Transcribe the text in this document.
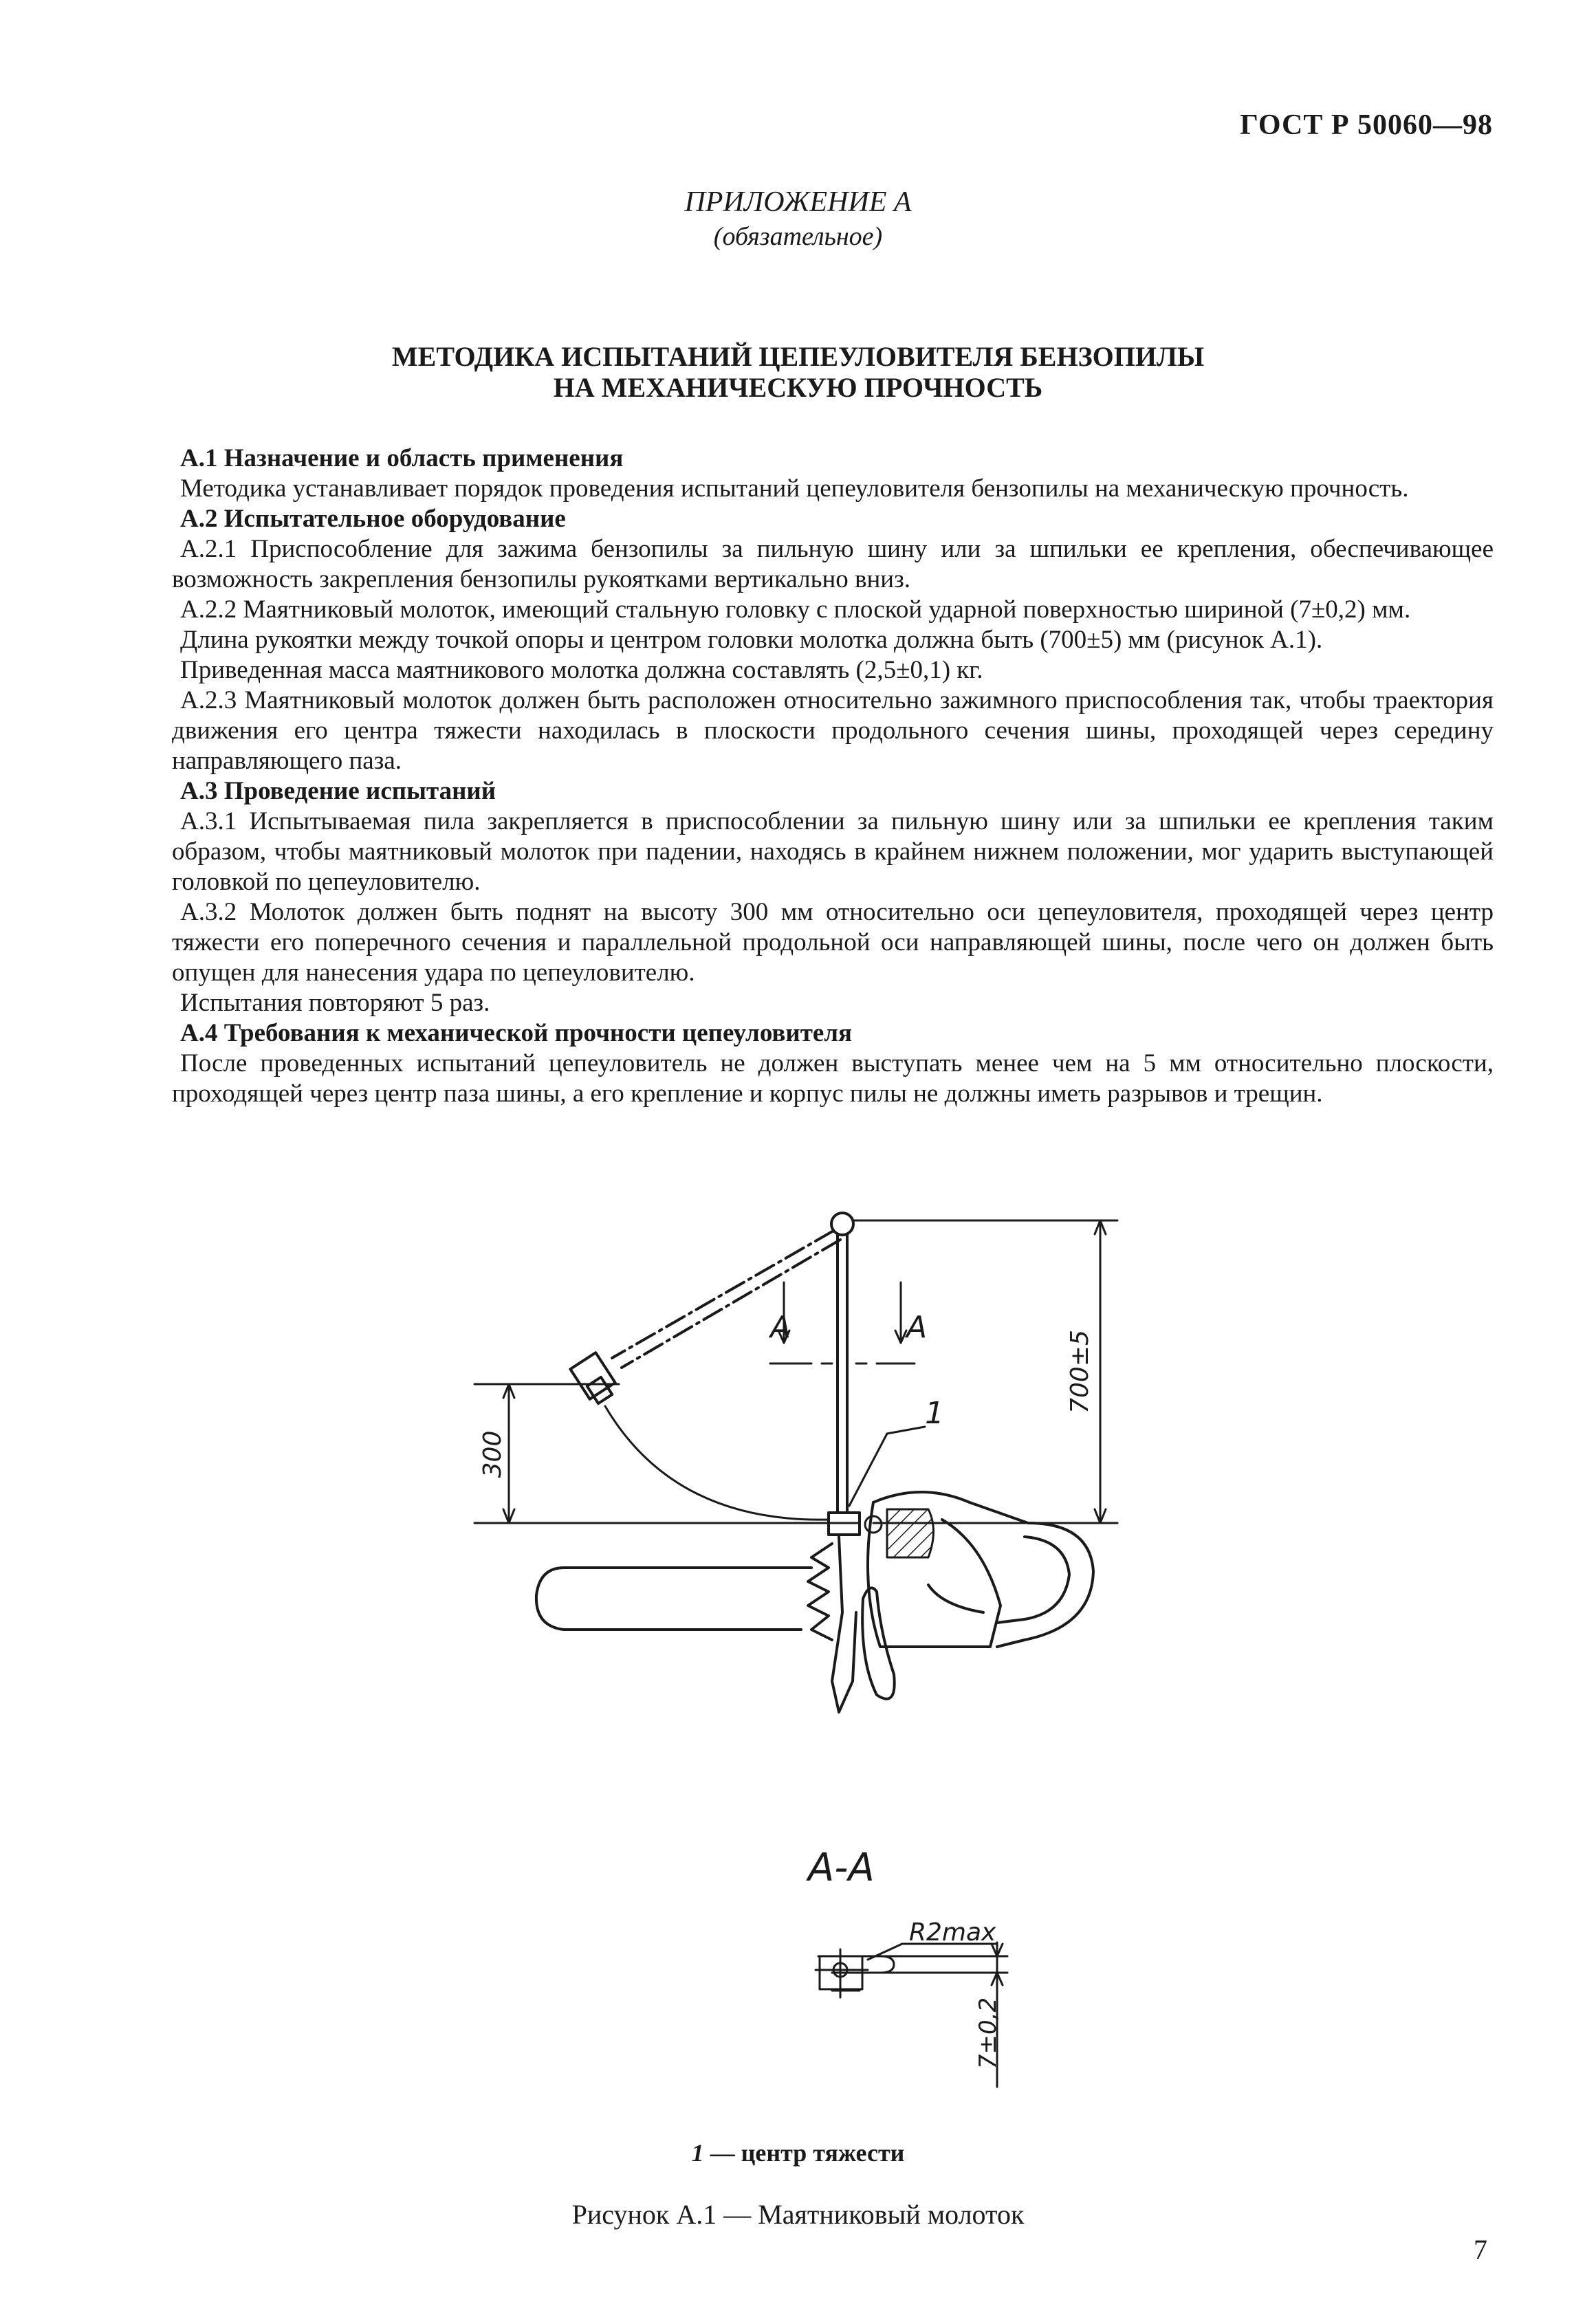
ГОСТ Р 50060—98
ПРИЛОЖЕНИЕ А
(обязательное)
МЕТОДИКА ИСПЫТАНИЙ ЦЕПЕУЛОВИТЕЛЯ БЕНЗОПИЛЫ
НА МЕХАНИЧЕСКУЮ ПРОЧНОСТЬ

А.1 Назначение и область применения

Методика устанавливает порядок проведения испытаний цепеуловителя бензопилы на механическую прочность.

А.2 Испытательное оборудование

А.2.1 Приспособление для зажима бензопилы за пильную шину или за шпильки ее крепления, обеспечивающее возможность закрепления бензопилы рукоятками вертикально вниз.

А.2.2 Маятниковый молоток, имеющий стальную головку с плоской ударной поверхностью шириной (7±0,2) мм.

Длина рукоятки между точкой опоры и центром головки молотка должна быть (700±5) мм (рисунок А.1).

Приведенная масса маятникового молотка должна составлять (2,5±0,1) кг.

А.2.3 Маятниковый молоток должен быть расположен относительно зажимного приспособления так, чтобы траектория движения его центра тяжести находилась в плоскости продольного сечения шины, проходящей через середину направляющего паза.

А.3 Проведение испытаний

А.3.1 Испытываемая пила закрепляется в приспособлении за пильную шину или за шпильки ее крепления таким образом, чтобы маятниковый молоток при падении, находясь в крайнем нижнем положении, мог ударить выступающей головкой по цепеуловителю.

А.3.2 Молоток должен быть поднят на высоту 300 мм относительно оси цепеуловителя, проходящей через центр тяжести его поперечного сечения и параллельной продольной оси направляющей шины, после чего он должен быть опущен для нанесения удара по цепеуловителю.

Испытания повторяют 5 раз.

А.4 Требования к механической прочности цепеуловителя

После проведенных испытаний цепеуловитель не должен выступать менее чем на 5 мм относительно плоскости, проходящей через центр паза шины, а его крепление и корпус пилы не должны иметь разрывов и трещин.

300
700±5
A	A
1
A-A
R2max
7±0,2
1 — центр тяжести
Рисунок А.1 — Маятниковый молоток
7
